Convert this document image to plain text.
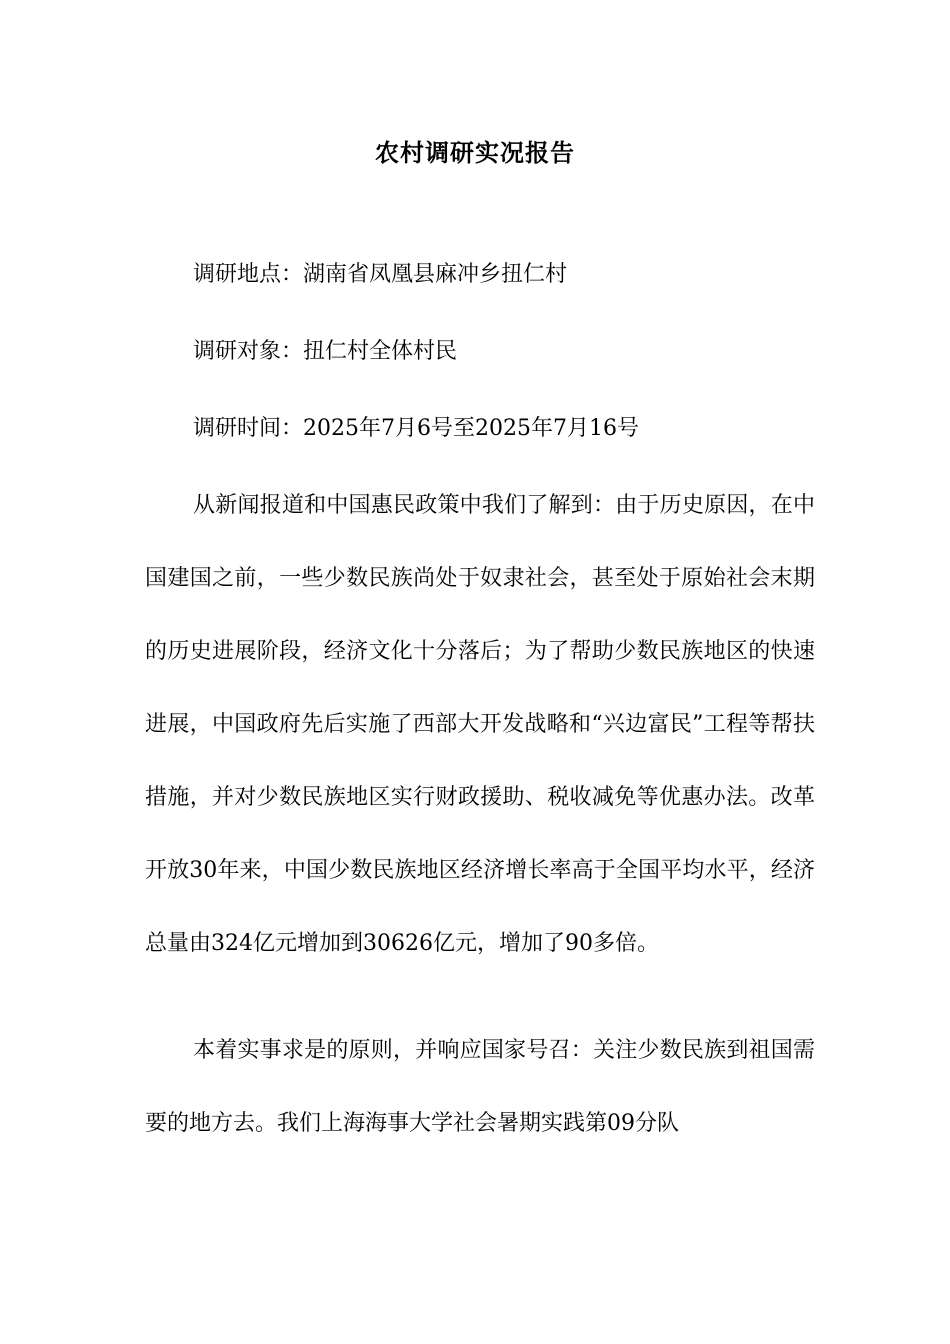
农村调研实况报告

调研地点：湖南省凤凰县麻冲乡扭仁村

调研对象：扭仁村全体村民

调研时间：2025年7月6号至2025年7月16号

从新闻报道和中国惠民政策中我们了解到：由于历史原因，在中国建国之前，一些少数民族尚处于奴隶社会，甚至处于原始社会末期的历史进展阶段，经济文化十分落后；为了帮助少数民族地区的快速进展，中国政府先后实施了西部大开发战略和“兴边富民”工程等帮扶措施，并对少数民族地区实行财政援助、税收减免等优惠办法。改革开放30年来，中国少数民族地区经济增长率高于全国平均水平，经济总量由324亿元增加到30626亿元，增加了90多倍。

本着实事求是的原则，并响应国家号召：关注少数民族到祖国需要的地方去。我们上海海事大学社会暑期实践第09分队
